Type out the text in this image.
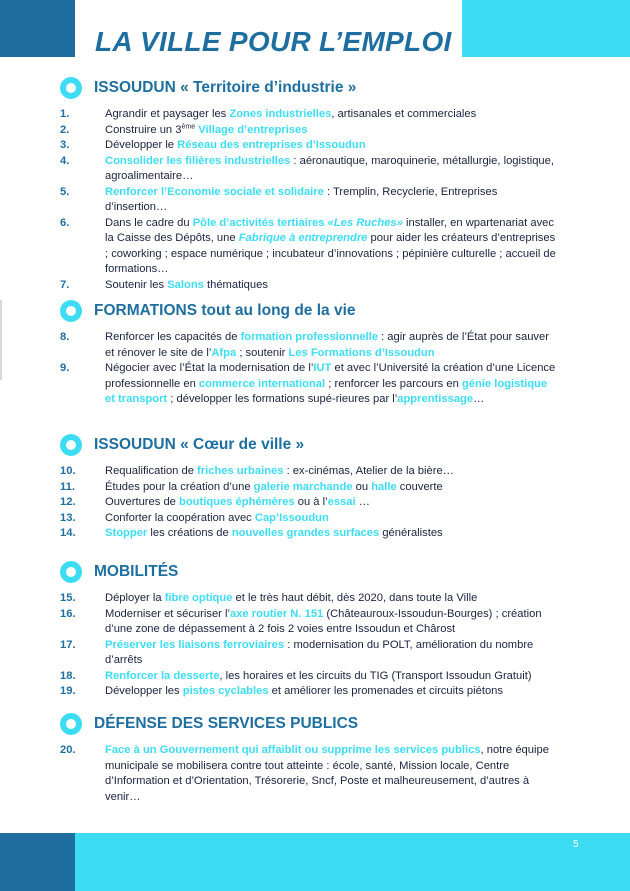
LA VILLE POUR L’EMPLOI
ISSOUDUN « Territoire d’industrie »
1.	Agrandir et paysager les Zones industrielles, artisanales et commerciales
2.	Construire un 3ème Village d’entreprises
3.	Développer le Réseau des entreprises d’Issoudun
4.	Consolider les filières industrielles : aéronautique, maroquinerie, métallurgie, logistique, agroalimentaire…
5.	Renforcer l’Economie sociale et solidaire : Tremplin, Recyclerie, Entreprises d’insertion…
6.	Dans le cadre du Pôle d’activités tertiaires «Les Ruches» installer, en wpartenariat avec la Caisse des Dépôts, une Fabrique à entreprendre pour aider les créateurs d’entreprises ; coworking ; espace numérique ; incubateur d’innovations ; pépinière culturelle ; accueil de formations…
7.	Soutenir les Salons thématiques
FORMATIONS tout au long de la vie
8.	Renforcer les capacités de formation professionnelle : agir auprès de l’État pour sauver et rénover le site de l’Afpa ; soutenir Les Formations d’Issoudun
9.	Négocier avec l’État la modernisation de l’IUT et avec l’Université la création d’une Licence professionnelle en commerce international ; renforcer les parcours en génie logistique et transport ; développer les formations supé-rieures par l’apprentissage…
ISSOUDUN « Cœur de ville »
10.	Requalification de friches urbaines : ex-cinémas, Atelier de la bière…
11.	Études pour la création d’une galerie marchande ou halle couverte
12.	Ouvertures de boutiques éphémères ou à l’essai …
13.	Conforter la coopération avec Cap’Issoudun
14.	Stopper les créations de nouvelles grandes surfaces généralistes
MOBILITÉS
15.	Déployer la fibre optique et le très haut débit, dès 2020, dans toute la Ville
16.	Moderniser et sécuriser l’axe routier N. 151 (Châteauroux-Issoudun-Bourges) ; création d’une zone de dépassement à 2 fois 2 voies entre Issoudun et Chârost
17.	Préserver les liaisons ferroviaires : modernisation du POLT, amélioration du nombre d’arrêts
18.	Renforcer la desserte, les horaires et les circuits du TIG (Transport Issoudun Gratuit)
19.	Développer les pistes cyclables et améliorer les promenades et circuits piétons
DÉFENSE DES SERVICES PUBLICS
20.	Face à un Gouvernement qui affaiblit ou supprime les services publics, notre équipe municipale se mobilisera contre tout atteinte : école, santé, Mission locale, Centre d’Information et d’Orientation, Trésorerie, Sncf, Poste et malheureusement, d’autres à venir…
5
